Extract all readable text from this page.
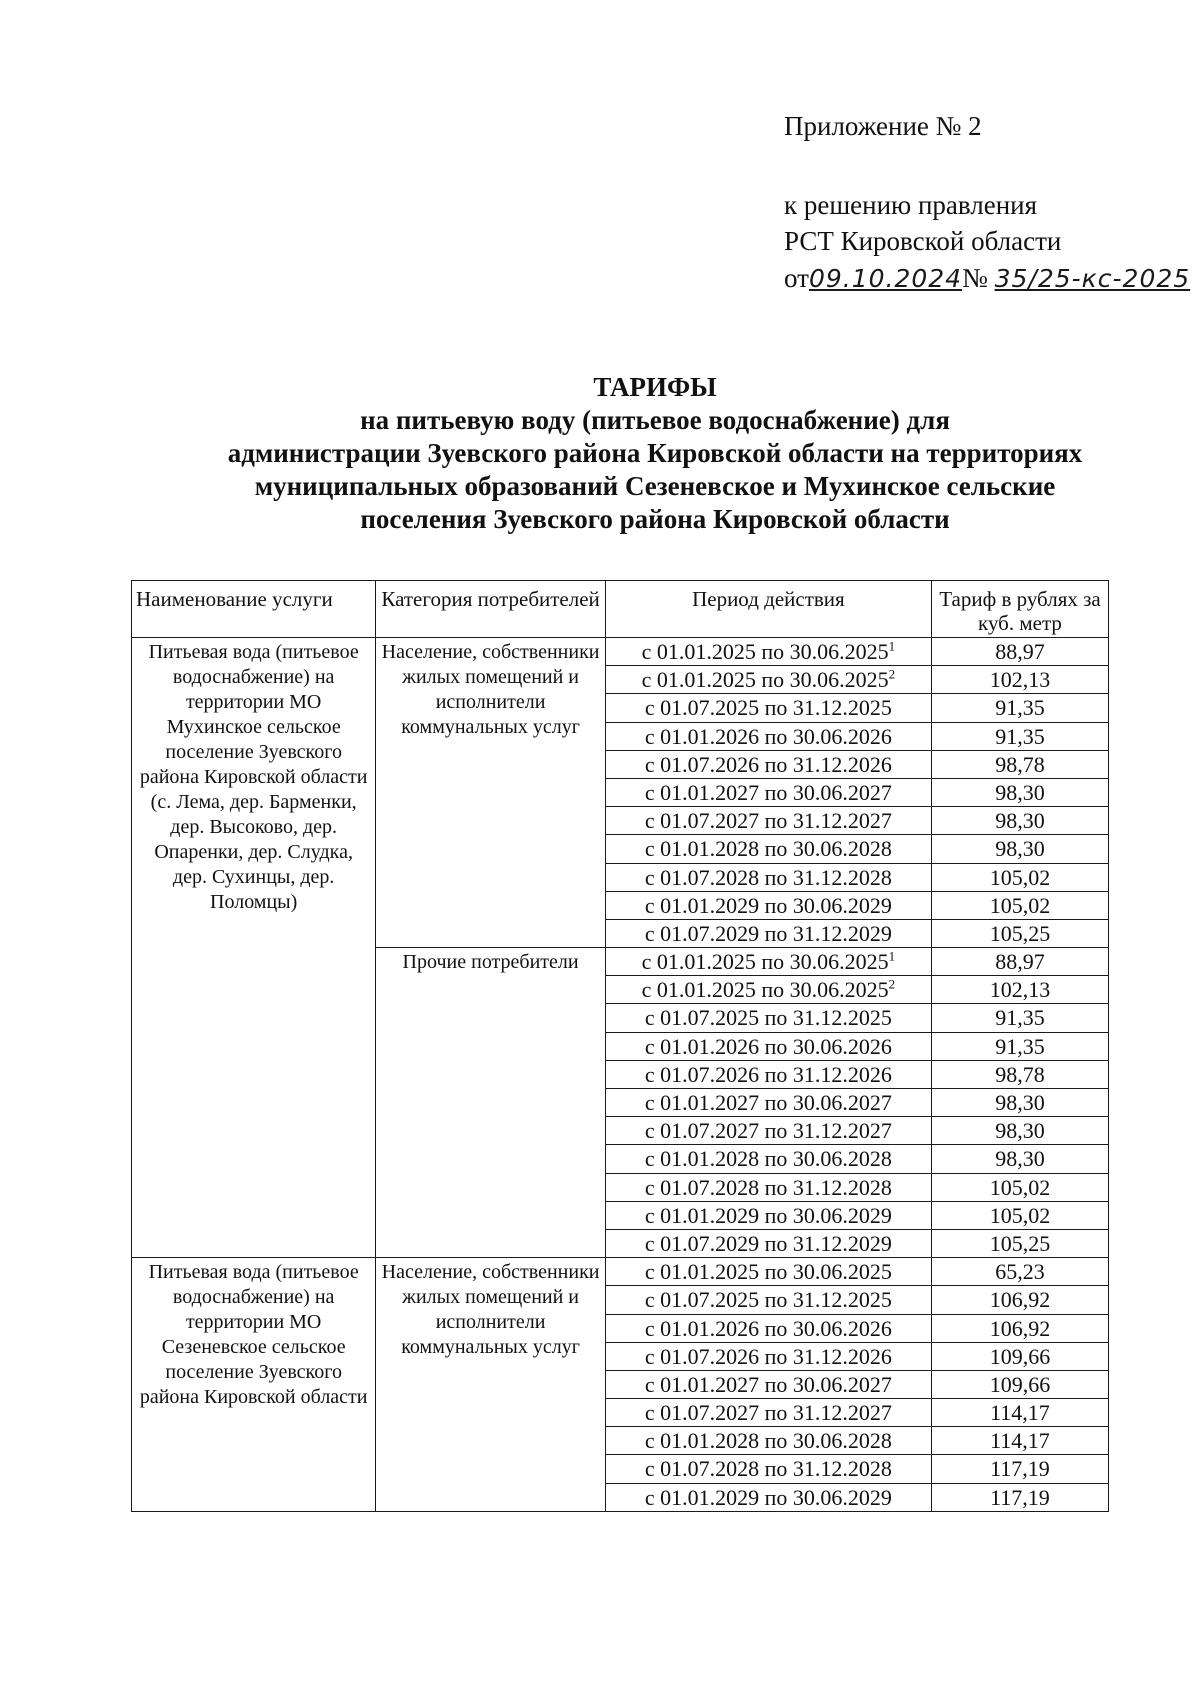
Приложение № 2
к решению правления
РСТ Кировской области
от09.10.2024№ 35/25-кс-2025
ТАРИФЫ
на питьевую воду (питьевое водоснабжение) для
администрации Зуевского района Кировской области на территориях
муниципальных образований Сезеневское и Мухинское сельские
поселения Зуевского района Кировской области
Наименование услуги	Категория потребителей	Период действия	Тариф в рублях за куб. метр
Питьевая вода (питьевое водоснабжение) на территории МО Мухинское сельское поселение Зуевского района Кировской области (с. Лема, дер. Барменки, дер. Высоково, дер. Опаренки, дер. Слудка, дер. Сухинцы, дер. Поломцы)	Население, собственники жилых помещений и исполнители коммунальных услуг	с 01.01.2025 по 30.06.2025$^1$	88,97
		с 01.01.2025 по 30.06.2025$^2$	102,13
		с 01.07.2025 по 31.12.2025	91,35
		с 01.01.2026 по 30.06.2026	91,35
		с 01.07.2026 по 31.12.2026	98,78
		с 01.01.2027 по 30.06.2027	98,30
		с 01.07.2027 по 31.12.2027	98,30
		с 01.01.2028 по 30.06.2028	98,30
		с 01.07.2028 по 31.12.2028	105,02
		с 01.01.2029 по 30.06.2029	105,02
		с 01.07.2029 по 31.12.2029	105,25
	Прочие потребители	с 01.01.2025 по 30.06.2025$^1$	88,97
		с 01.01.2025 по 30.06.2025$^2$	102,13
		с 01.07.2025 по 31.12.2025	91,35
		с 01.01.2026 по 30.06.2026	91,35
		с 01.07.2026 по 31.12.2026	98,78
		с 01.01.2027 по 30.06.2027	98,30
		с 01.07.2027 по 31.12.2027	98,30
		с 01.01.2028 по 30.06.2028	98,30
		с 01.07.2028 по 31.12.2028	105,02
		с 01.01.2029 по 30.06.2029	105,02
		с 01.07.2029 по 31.12.2029	105,25
Питьевая вода (питьевое водоснабжение) на территории МО Сезеневское сельское поселение Зуевского района Кировской области	Население, собственники жилых помещений и исполнители коммунальных услуг	с 01.01.2025 по 30.06.2025	65,23
		с 01.07.2025 по 31.12.2025	106,92
		с 01.01.2026 по 30.06.2026	106,92
		с 01.07.2026 по 31.12.2026	109,66
		с 01.01.2027 по 30.06.2027	109,66
		с 01.07.2027 по 31.12.2027	114,17
		с 01.01.2028 по 30.06.2028	114,17
		с 01.07.2028 по 31.12.2028	117,19
		с 01.01.2029 по 30.06.2029	117,19
